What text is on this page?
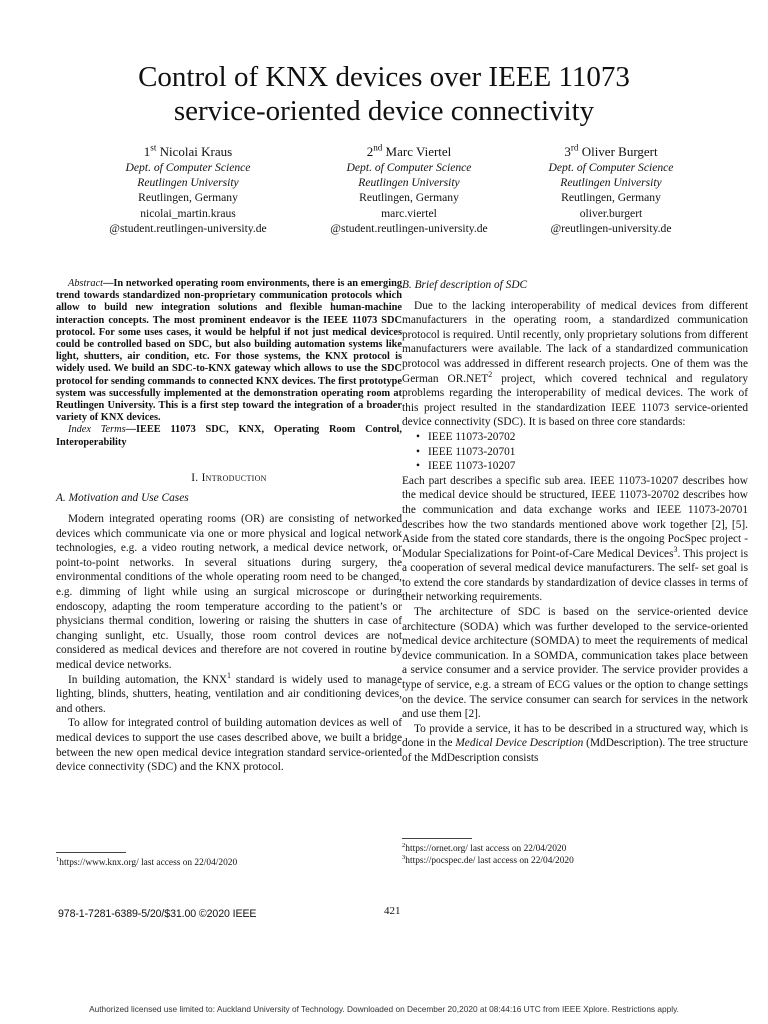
Control of KNX devices over IEEE 11073
service-oriented device connectivity
1st Nicolai Kraus
Dept. of Computer Science
Reutlingen University
Reutlingen, Germany
nicolai_martin.kraus
@student.reutlingen-university.de
2nd Marc Viertel
Dept. of Computer Science
Reutlingen University
Reutlingen, Germany
marc.viertel
@student.reutlingen-university.de
3rd Oliver Burgert
Dept. of Computer Science
Reutlingen University
Reutlingen, Germany
oliver.burgert
@reutlingen-university.de

Abstract—In networked operating room environments, there is an emerging trend towards standardized non-proprietary communication protocols which allow to build new integration solutions and flexible human-machine interaction concepts. The most prominent endeavor is the IEEE 11073 SDC protocol. For some uses cases, it would be helpful if not just medical devices could be controlled based on SDC, but also building automation systems like light, shutters, air condition, etc. For those systems, the KNX protocol is widely used. We build an SDC-to-KNX gateway which allows to use the SDC protocol for sending commands to connected KNX devices. The first prototype system was successfully implemented at the demonstration operating room at Reutlingen University. This is a first step toward the integration of a broader variety of KNX devices.

Index Terms—IEEE 11073 SDC, KNX, Operating Room Control, Interoperability

I. Introduction

A. Motivation and Use Cases

Modern integrated operating rooms (OR) are consisting of networked devices which communicate via one or more physical and logical network technologies, e.g. a video routing network, a medical device network, or point-to-point networks. In several situations during surgery, the environmental conditions of the whole operating room need to be changed, e.g. dimming of light while using an surgical microscope or during endoscopy, adapting the room temperature according to the patient’s or physicians thermal condition, lowering or raising the shutters in case of changing sunlight, etc. Usually, those room control devices are not considered as medical devices and therefore are not covered in routine by medical device networks.

In building automation, the KNX$^1$ standard is widely used to manage lighting, blinds, shutters, heating, ventilation and air conditioning devices, and others.

To allow for integrated control of building automation devices as well of medical devices to support the use cases described above, we built a bridge between the new open medical device integration standard service-oriented device connectivity (SDC) and the KNX protocol.

B. Brief description of SDC

Due to the lacking interoperability of medical devices from different manufacturers in the operating room, a standardized communication protocol is required. Until recently, only proprietary solutions from different manufacturers were available. The lack of a standardized communication protocol was addressed in different research projects. One of them was the German OR.NET$^2$ project, which covered technical and regulatory problems regarding the interoperability of medical devices. The work of this project resulted in the standardization IEEE 11073 service-oriented device connectivity (SDC). It is based on three core standards:

• IEEE 11073-20702
• IEEE 11073-20701
• IEEE 11073-10207

Each part describes a specific sub area. IEEE 11073-10207 describes how the medical device should be structured, IEEE 11073-20702 describes how the communication and data exchange works and IEEE 11073-20701 describes how the two standards mentioned above work together [2], [5]. Aside from the stated core standards, there is the ongoing PocSpec project - Modular Specializations for Point-of-Care Medical Devices$^3$. This project is a cooperation of several medical device manufacturers. The self- set goal is to extend the core standards by standardization of device classes in terms of their networking requirements.

The architecture of SDC is based on the service-oriented device architecture (SODA) which was further developed to the service-oriented medical device architecture (SOMDA) to meet the requirements of medical device communication. In a SOMDA, communication takes place between a service consumer and a service provider. The service provider provides a type of service, e.g. a stream of ECG values or the option to change settings on the device. The service consumer can search for services in the network and use them [2].

To provide a service, it has to be described in a structured way, which is done in the Medical Device Description (MdDescription). The tree structure of the MdDescription consists

$^1$https://www.knx.org/ last access on 22/04/2020

$^2$https://ornet.org/ last access on 22/04/2020

$^3$https://pocspec.de/ last access on 22/04/2020

978-1-7281-6389-5/20/$31.00 ©2020 IEEE	421
Authorized licensed use limited to: Auckland University of Technology. Downloaded on December 20,2020 at 08:44:16 UTC from IEEE Xplore. Restrictions apply.
